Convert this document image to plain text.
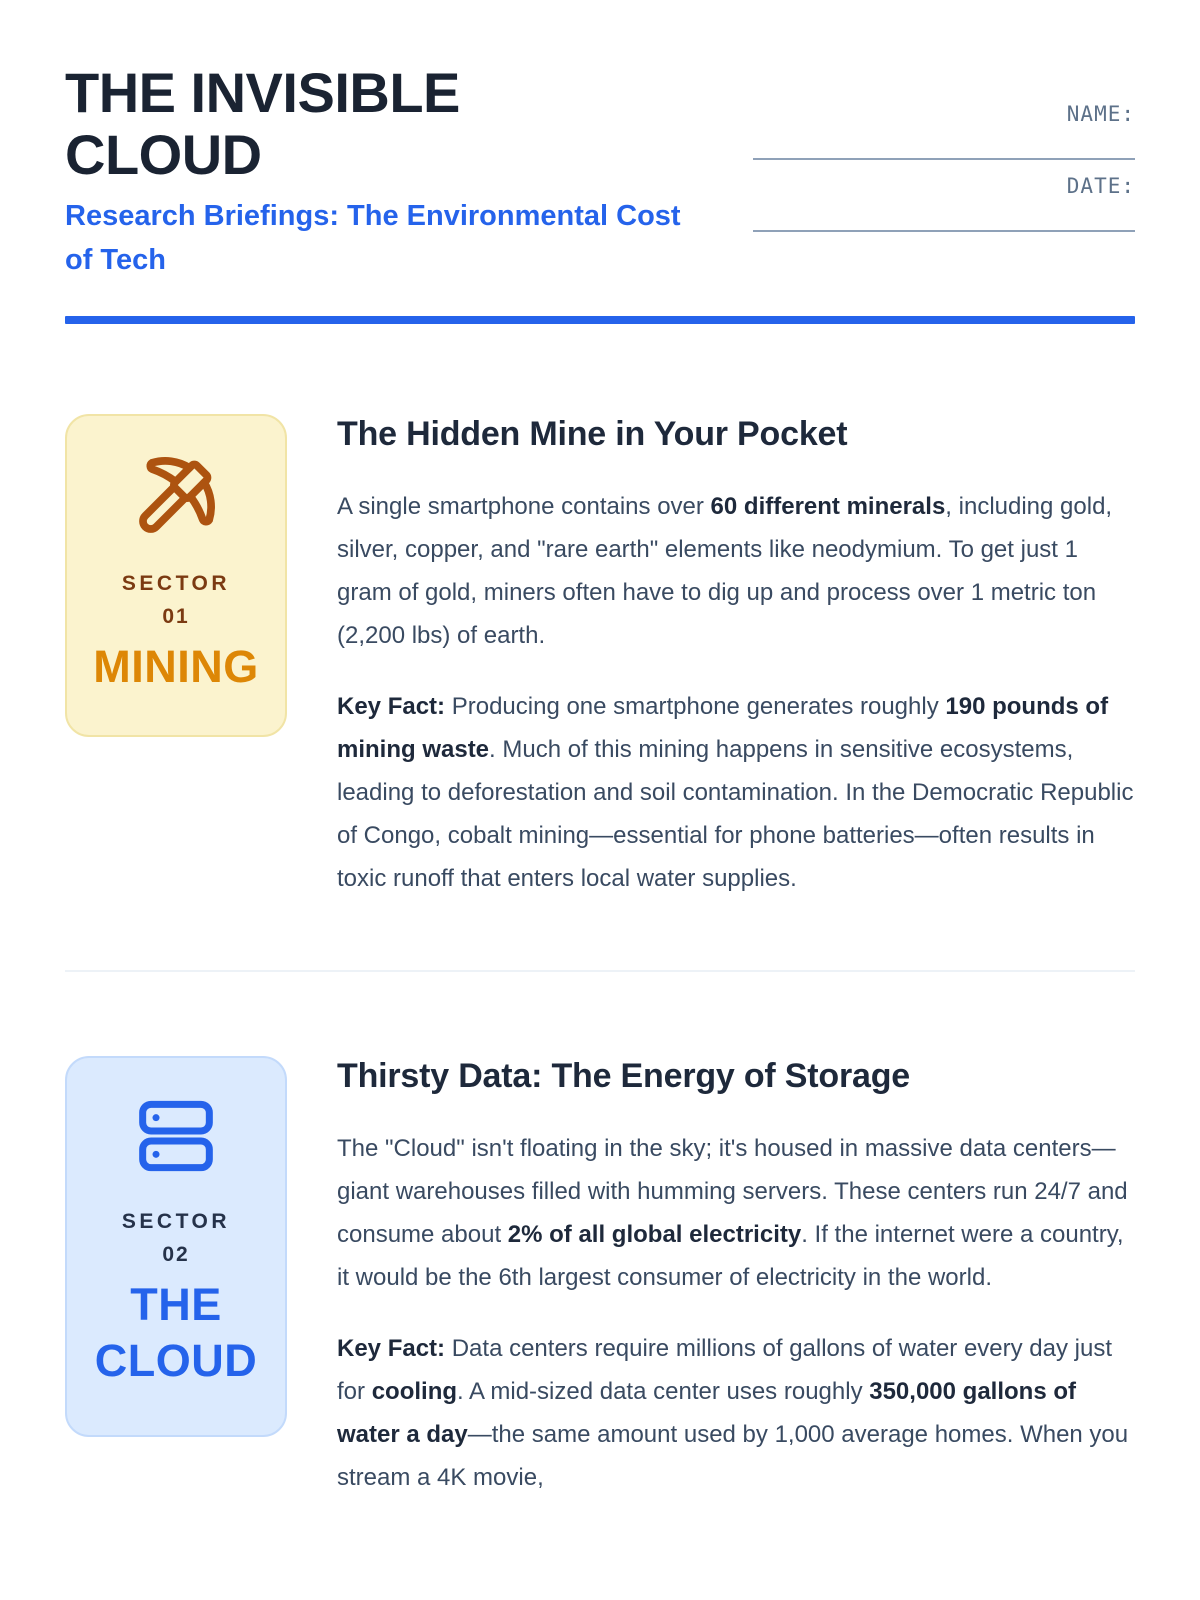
THE INVISIBLE CLOUD

Research Briefings: The Environmental Cost of Tech

NAME:
DATE:
SECTOR
01
MINING
The Hidden Mine in Your Pocket

A single smartphone contains over 60 different minerals, including gold, silver, copper, and "rare earth" elements like neodymium. To get just 1 gram of gold, miners often have to dig up and process over 1 metric ton (2,200 lbs) of earth.

Key Fact: Producing one smartphone generates roughly 190 pounds of mining waste. Much of this mining happens in sensitive ecosystems, leading to deforestation and soil contamination. In the Democratic Republic of Congo, cobalt mining—essential for phone batteries—often results in toxic runoff that enters local water supplies.

SECTOR
02
THE CLOUD
Thirsty Data: The Energy of Storage

The "Cloud" isn't floating in the sky; it's housed in massive data centers—giant warehouses filled with humming servers. These centers run 24/7 and consume about 2% of all global electricity. If the internet were a country, it would be the 6th largest consumer of electricity in the world.

Key Fact: Data centers require millions of gallons of water every day just for cooling. A mid-sized data center uses roughly 350,000 gallons of water a day—the same amount used by 1,000 average homes. When you stream a 4K movie,
